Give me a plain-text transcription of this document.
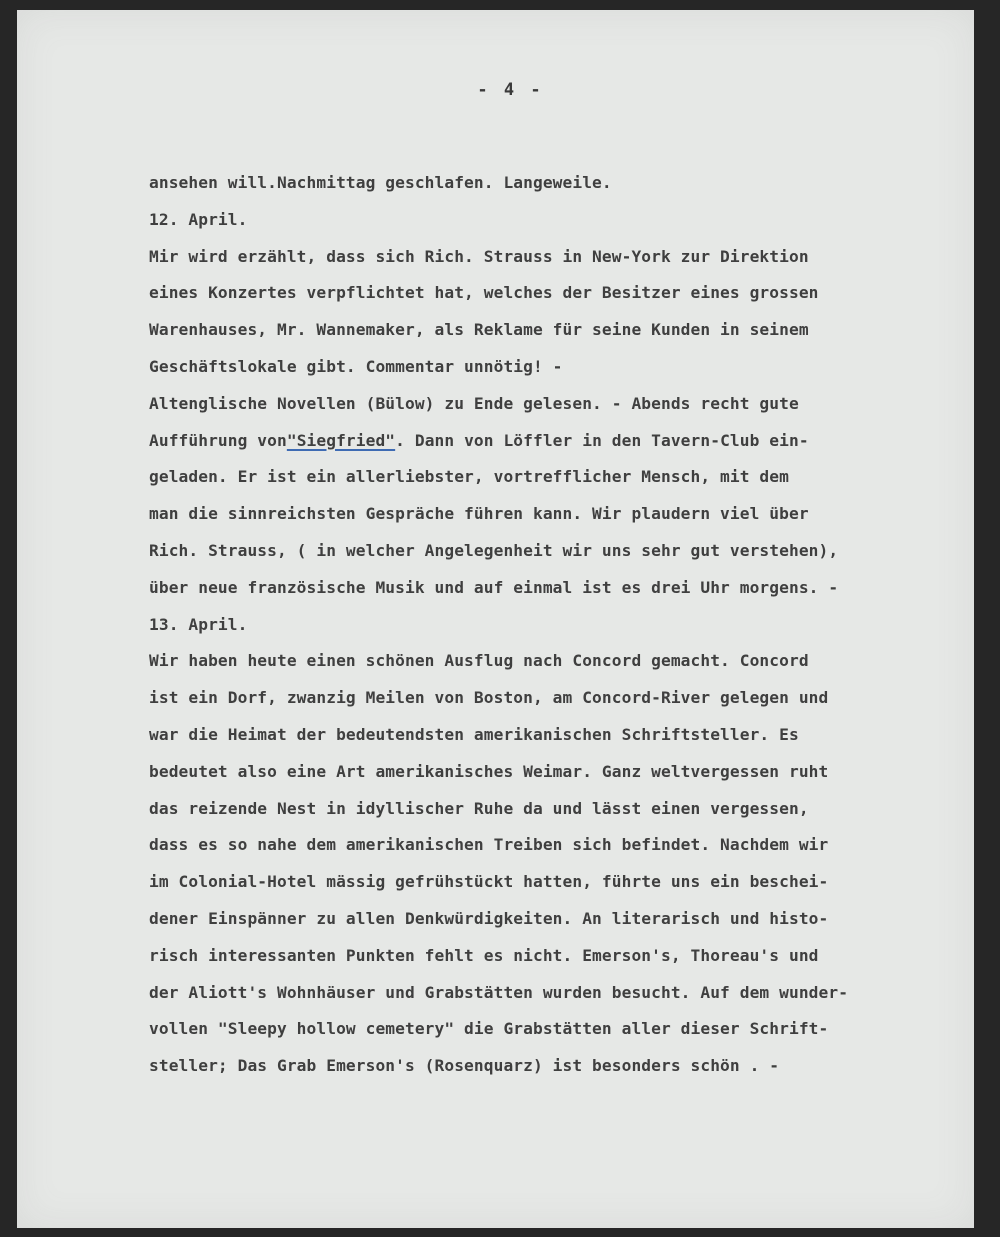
- 4 -
ansehen will.Nachmittag geschlafen. Langeweile.
12. April.
Mir wird erzählt, dass sich Rich. Strauss in New-York zur Direktion
eines Konzertes verpflichtet hat, welches der Besitzer eines grossen
Warenhauses, Mr. Wannemaker, als Reklame für seine Kunden in seinem
Geschäftslokale gibt. Commentar unnötig! -
Altenglische Novellen (Bülow) zu Ende gelesen. - Abends recht gute
Aufführung von"Siegfried". Dann von Löffler in den Tavern-Club ein-
geladen. Er ist ein allerliebster, vortrefflicher Mensch, mit dem
man die sinnreichsten Gespräche führen kann. Wir plaudern viel über
Rich. Strauss, ( in welcher Angelegenheit wir uns sehr gut verstehen),
über neue französische Musik und auf einmal ist es drei Uhr morgens. -
13. April.
Wir haben heute einen schönen Ausflug nach Concord gemacht. Concord
ist ein Dorf, zwanzig Meilen von Boston, am Concord-River gelegen und
war die Heimat der bedeutendsten amerikanischen Schriftsteller. Es
bedeutet also eine Art amerikanisches Weimar. Ganz weltvergessen ruht
das reizende Nest in idyllischer Ruhe da und lässt einen vergessen,
dass es so nahe dem amerikanischen Treiben sich befindet. Nachdem wir
im Colonial-Hotel mässig gefrühstückt hatten, führte uns ein beschei-
dener Einspänner zu allen Denkwürdigkeiten. An literarisch und histo-
risch interessanten Punkten fehlt es nicht. Emerson's, Thoreau's und
der Aliott's Wohnhäuser und Grabstätten wurden besucht. Auf dem wunder-
vollen "Sleepy hollow cemetery" die Grabstätten aller dieser Schrift-
steller; Das Grab Emerson's (Rosenquarz) ist besonders schön . -
